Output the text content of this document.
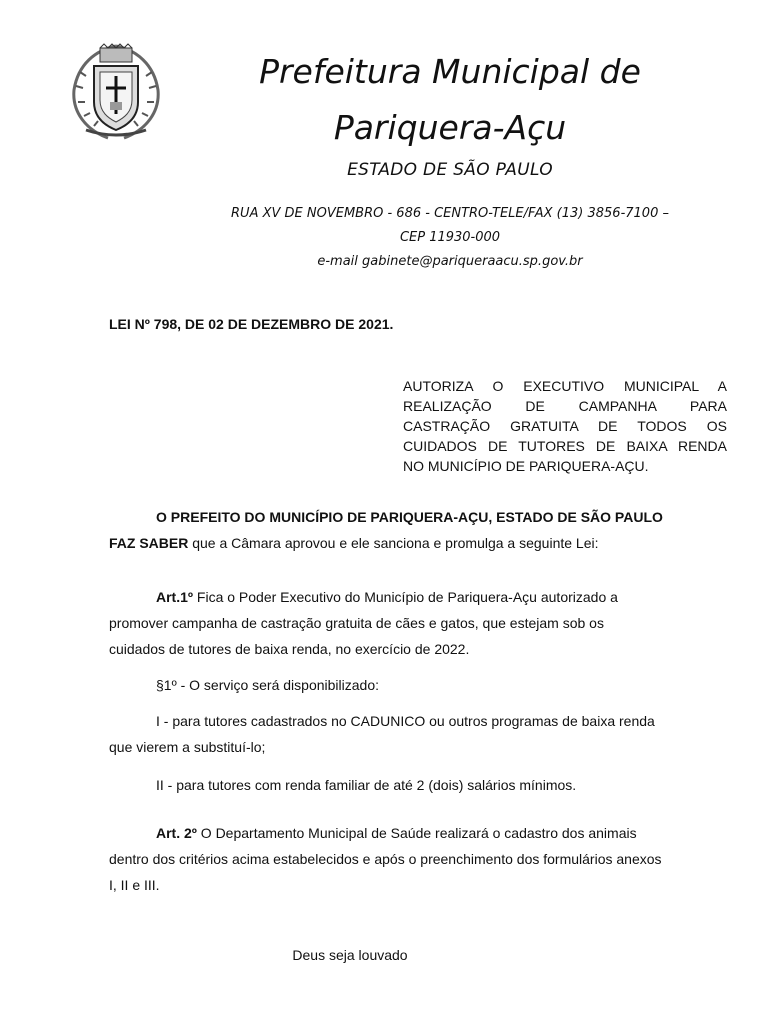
Prefeitura Municipal de
Pariquera-Açu
ESTADO DE SÃO PAULO
RUA XV DE NOVEMBRO - 686 - CENTRO-TELE/FAX (13) 3856-7100 –
CEP 11930-000
e-mail gabinete@pariqueraacu.sp.gov.br
LEI Nº 798, DE 02 DE DEZEMBRO DE 2021.
AUTORIZA O EXECUTIVO MUNICIPAL A
REALIZAÇÃO DE CAMPANHA PARA
CASTRAÇÃO GRATUITA DE TODOS OS
CUIDADOS DE TUTORES DE BAIXA RENDA
NO MUNICÍPIO DE PARIQUERA-AÇU.
O PREFEITO DO MUNICÍPIO DE PARIQUERA-AÇU, ESTADO DE SÃO PAULO
FAZ SABER que a Câmara aprovou e ele sanciona e promulga a seguinte Lei:
Art.1º Fica o Poder Executivo do Município de Pariquera-Açu autorizado a
promover campanha de castração gratuita de cães e gatos, que estejam sob os
cuidados de tutores de baixa renda, no exercício de 2022.
§1º - O serviço será disponibilizado:
I - para tutores cadastrados no CADUNICO ou outros programas de baixa renda
que vierem a substituí-lo;
II - para tutores com renda familiar de até 2 (dois) salários mínimos.
Art. 2º O Departamento Municipal de Saúde realizará o cadastro dos animais
dentro dos critérios acima estabelecidos e após o preenchimento dos formulários anexos
I, II e III.
Deus seja louvado
